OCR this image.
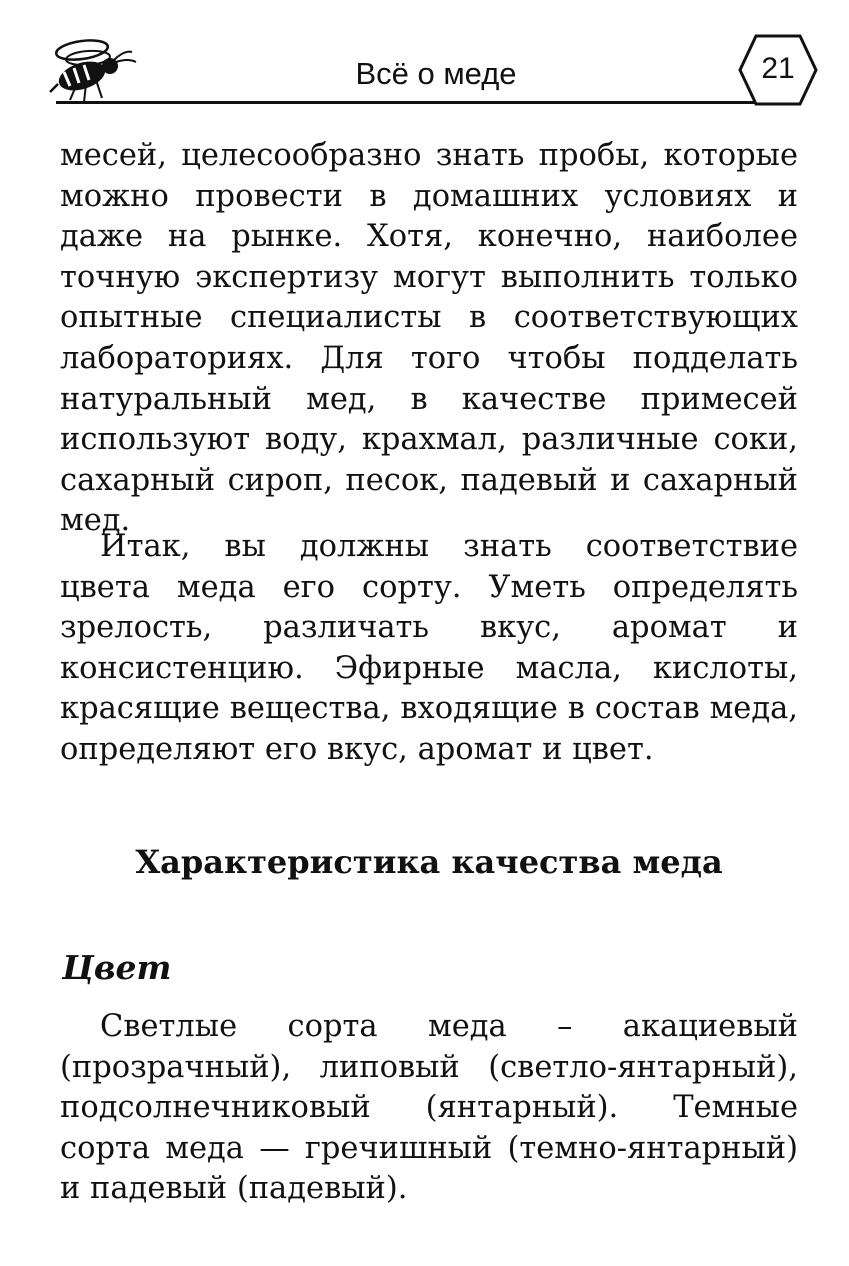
Всё о меде	21

месей, целесообразно знать пробы, которые можно провести в домашних условиях и даже на рынке. Хотя, конечно, наиболее точную экспертизу могут выполнить только опытные специалисты в соответствующих лабораториях. Для того чтобы подделать натуральный мед, в качестве примесей используют воду, крахмал, различные соки, сахарный сироп, песок, падевый и сахарный мед.

Итак, вы должны знать соответствие цвета меда его сорту. Уметь определять зрелость, различать вкус, аромат и консистенцию. Эфирные масла, кислоты, красящие вещества, входящие в состав меда, определяют его вкус, аромат и цвет.

Характеристика качества меда
Цвет

Светлые сорта меда – акациевый (прозрачный), липовый (светло-янтарный), подсолнечниковый (янтарный). Темные сорта меда — гречишный (темно-янтарный) и падевый (падевый).
